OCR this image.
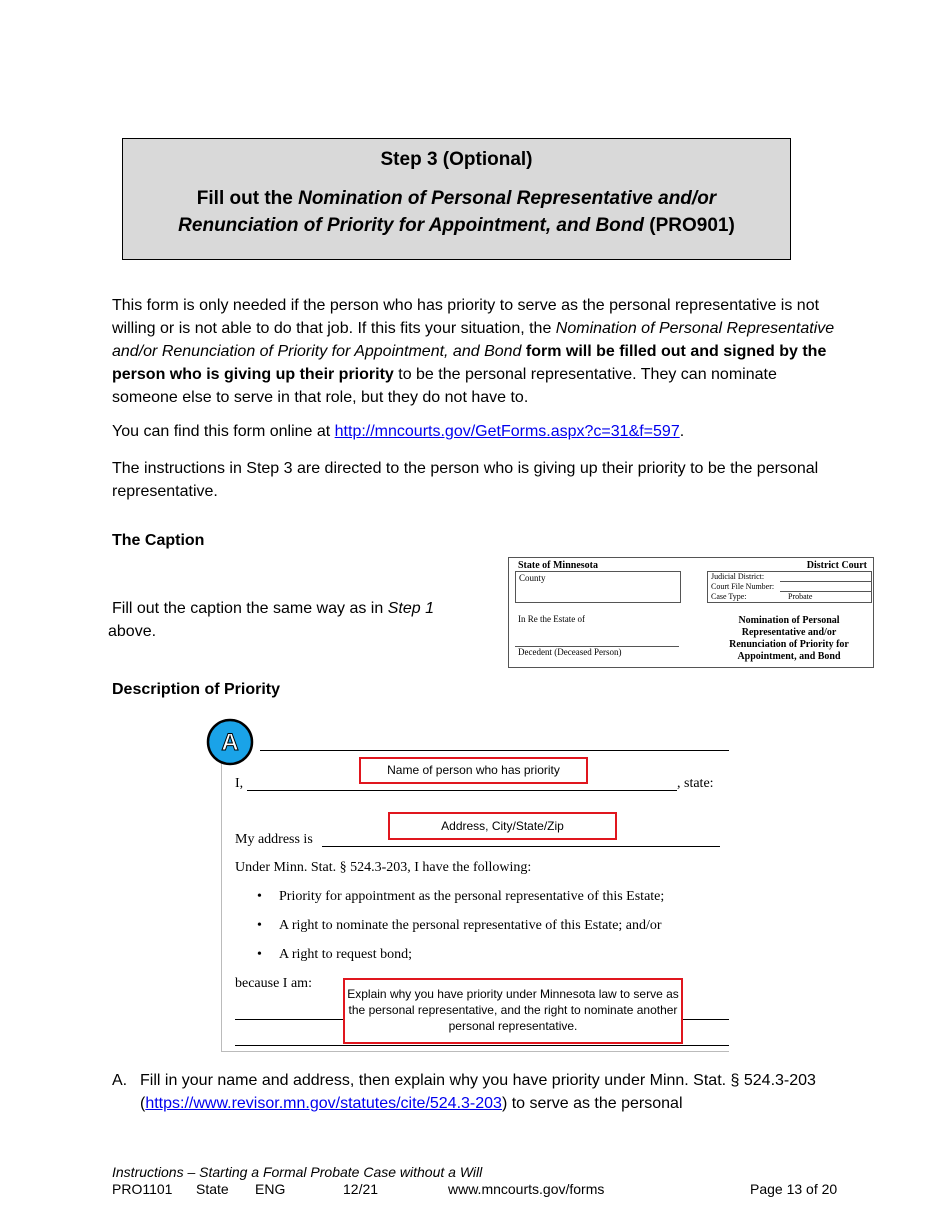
Step 3 (Optional)
Fill out the Nomination of Personal Representative and/or
Renunciation of Priority for Appointment, and Bond (PRO901)
This form is only needed if the person who has priority to serve as the personal representative is not willing or is not able to do that job. If this fits your situation, the Nomination of Personal Representative and/or Renunciation of Priority for Appointment, and Bond form will be filled out and signed by the person who is giving up their priority to be the personal representative. They can nominate someone else to serve in that role, but they do not have to.
You can find this form online at http://mncourts.gov/GetForms.aspx?c=31&f=597.
The instructions in Step 3 are directed to the person who is giving up their priority to be the personal representative.
The Caption
Fill out the caption the same way as in Step 1
above.
State of Minnesota	District Court
County	Judicial District:
Court File Number:
Case Type:	Probate
In Re the Estate of
Decedent (Deceased Person)
Nomination of Personal Representative and/or Renunciation of Priority for Appointment, and Bond
Description of Priority
I,	, state:
Name of person who has priority
My address is
Address, City/State/Zip
Under Minn. Stat. § 524.3-203, I have the following:
• Priority for appointment as the personal representative of this Estate;
• A right to nominate the personal representative of this Estate; and/or
• A right to request bond;
because I am:
Explain why you have priority under Minnesota law to serve as the personal representative, and the right to nominate another personal representative.
A
A. Fill in your name and address, then explain why you have priority under Minn. Stat. § 524.3-203 (https://www.revisor.mn.gov/statutes/cite/524.3-203) to serve as the personal
Instructions – Starting a Formal Probate Case without a Will
PRO1101 State ENG	12/21	www.mncourts.gov/forms	Page 13 of 20
